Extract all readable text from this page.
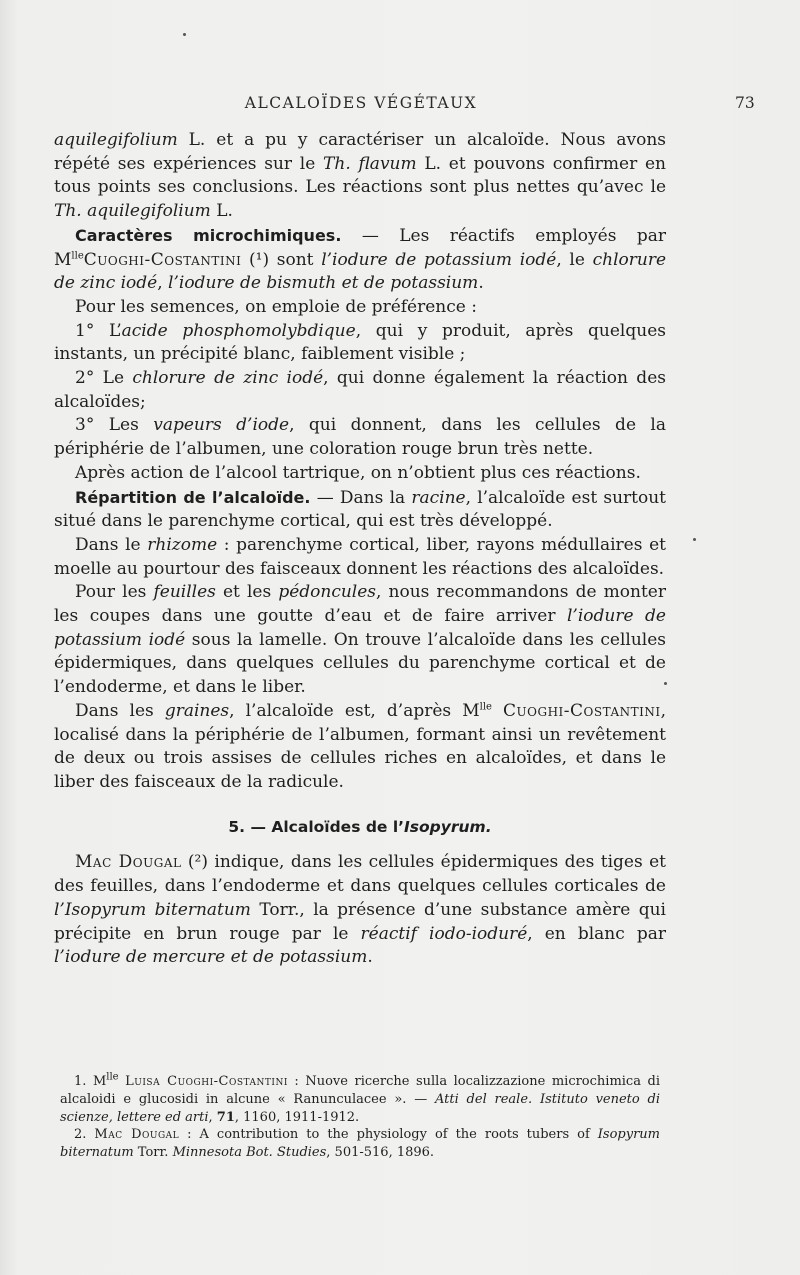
ALCALOÏDES VÉGÉTAUX	73

aquilegifolium L. et a pu y caractériser un alcaloïde. Nous avons répété ses expériences sur le Th. flavum L. et pouvons confirmer en tous points ses conclusions. Les réactions sont plus nettes qu’avec le Th. aquilegifolium L.

Caractères microchimiques. — Les réactifs employés par $M^{lle}Cuoghi$-Costantini (¹) sont l’iodure de potassium iodé, le chlorure de zinc iodé, l’iodure de bismuth et de potassium.

Pour les semences, on emploie de préférence :

1° L’acide phosphomolybdique, qui y produit, après quelques instants, un précipité blanc, faiblement visible ;

2° Le chlorure de zinc iodé, qui donne également la réaction des alcaloïdes;

3° Les vapeurs d’iode, qui donnent, dans les cellules de la périphérie de l’albumen, une coloration rouge brun très nette.

Après action de l’alcool tartrique, on n’obtient plus ces réactions.

Répartition de l’alcaloïde. — Dans la racine, l’alcaloïde est surtout situé dans le parenchyme cortical, qui est très développé.

Dans le rhizome : parenchyme cortical, liber, rayons médullaires et moelle au pourtour des faisceaux donnent les réactions des alcaloïdes.

Pour les feuilles et les pédoncules, nous recommandons de monter les coupes dans une goutte d’eau et de faire arriver l’iodure de potassium iodé sous la lamelle. On trouve l’alcaloïde dans les cellules épidermiques, dans quelques cellules du parenchyme cortical et de l’endoderme, et dans le liber.

Dans les graines, l’alcaloïde est, d’après $M^{lle}$ Cuoghi-Costantini, localisé dans la périphérie de l’albumen, formant ainsi un revêtement de deux ou trois assises de cellules riches en alcaloïdes, et dans le liber des faisceaux de la radicule.

5. — Alcaloïdes de l’Isopyrum.

Mac Dougal (²) indique, dans les cellules épidermiques des tiges et des feuilles, dans l’endoderme et dans quelques cellules corticales de l’Isopyrum biternatum Torr., la présence d’une substance amère qui précipite en brun rouge par le réactif iodo-ioduré, en blanc par l’iodure de mercure et de potassium.

1. $M^{lle}$ Luisa Cuoghi-Costantini : Nuove ricerche sulla localizzazione microchimica di alcaloidi e glucosidi in alcune « Ranunculacee ». — Atti del reale. Istituto veneto di scienze, lettere ed arti, 71, 1160, 1911-1912.

2. Mac Dougal : A contribution to the physiology of the roots tubers of Isopyrum biternatum Torr. Minnesota Bot. Studies, 501-516, 1896.
